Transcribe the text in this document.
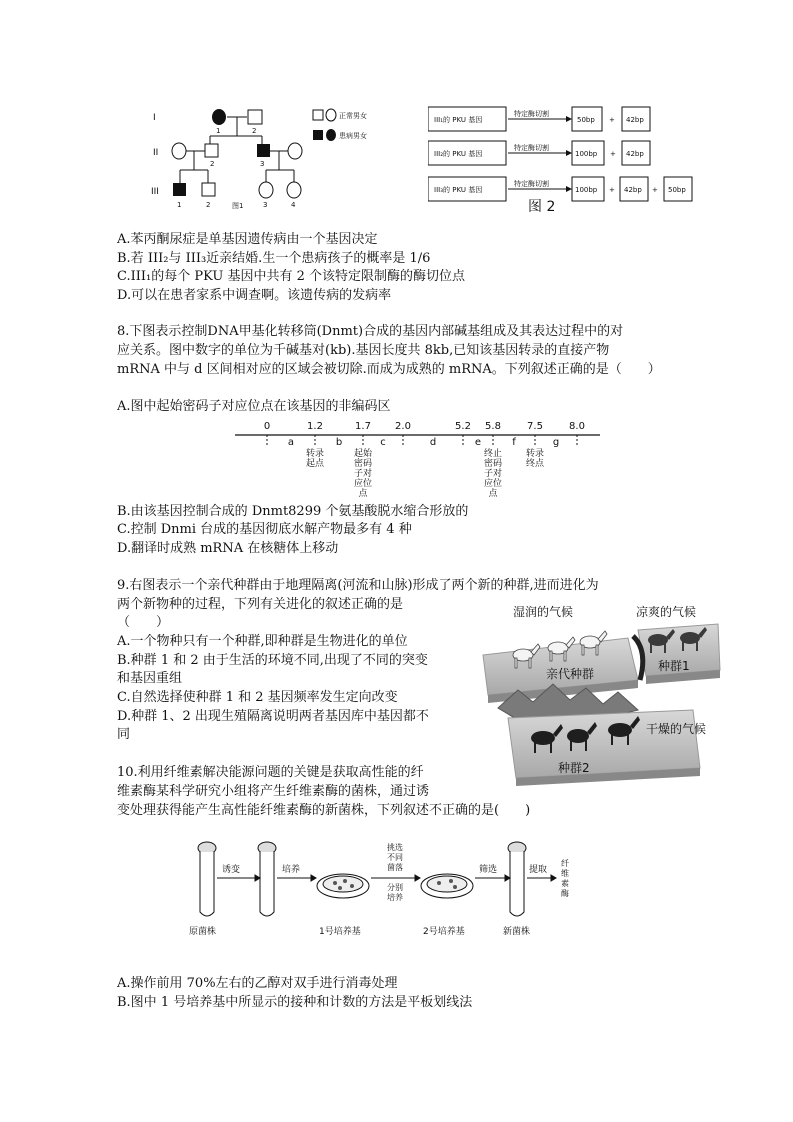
正常男女
患病男女
I
II
III
1	2
2	3
1	2	3	4
图1
III₁的 PKU 基因
特定酶切割
50bp + 42bp
III₂的 PKU 基因
特定酶切割
100bp + 42bp
III₃的 PKU 基因
特定酶切割
100bp + 42bp + 50bp
图 2
A.苯丙酮尿症是单基因遗传病由一个基因决定
B.若 III₂与 III₃近亲结婚.生一个患病孩子的概率是 1/6
C.III₁的每个 PKU 基因中共有 2 个该特定限制酶的酶切位点
D.可以在患者家系中调查啊。该遗传病的发病率
8.下图表示控制DNA甲基化转移筒(Dnmt)合成的基因内部碱基组成及其表达过程中的对
应关系。图中数字的单位为千碱基对(kb).基因长度共 8kb,已知该基因转录的直接产物
mRNA 中与 d 区间相对应的区域会被切除.而成为成熟的 mRNA。下列叙述正确的是（　　）
A.图中起始密码子对应位点在该基因的非编码区
0	1.2	1.7 2.0	5.2 5.8	7.5	8.0
a	b	c	d	e	f	g
转录
起点
起始
密码
子对
应位
点
终止
密码
子对
应位
点
转录
终点
B.由该基因控制合成的 Dnmt8299 个氨基酸脱水缩合形放的
C.控制 Dnmi 台成的基因彻底水解产物最多有 4 种
D.翻译时成熟 mRNA 在核糖体上移动
9.右图表示一个亲代种群由于地理隔离(河流和山脉)形成了两个新的种群,进而进化为
两个新物种的过程，下列有关进化的叙述正确的是
（　　）
A.一个物种只有一个种群,即种群是生物进化的单位
B.种群 1 和 2 由于生活的环境不同,出现了不同的突变
和基因重组
C.自然选择使种群 1 和 2 基因频率发生定向改变
D.种群 1、2 出现生殖隔离说明两者基因库中基因都不
同
湿润的气候	凉爽的气候
亲代种群
种群1
干燥的气候
种群2
10.利用纤维素解决能源问题的关键是获取高性能的纤
维素酶某科学研究小组将产生纤维素酶的菌株，通过诱
变处理获得能产生高性能纤维素酶的新菌株，下列叙述不正确的是(　　)
诱变	培养	筛选	提取
原菌株	1号培养基	2号培养基	新菌株
挑选
不同
菌落
分别
培养
纤
维
素
酶
A.操作前用 70%左右的乙醇对双手进行消毒处理
B.图中 1 号培养基中所显示的接种和计数的方法是平板划线法
